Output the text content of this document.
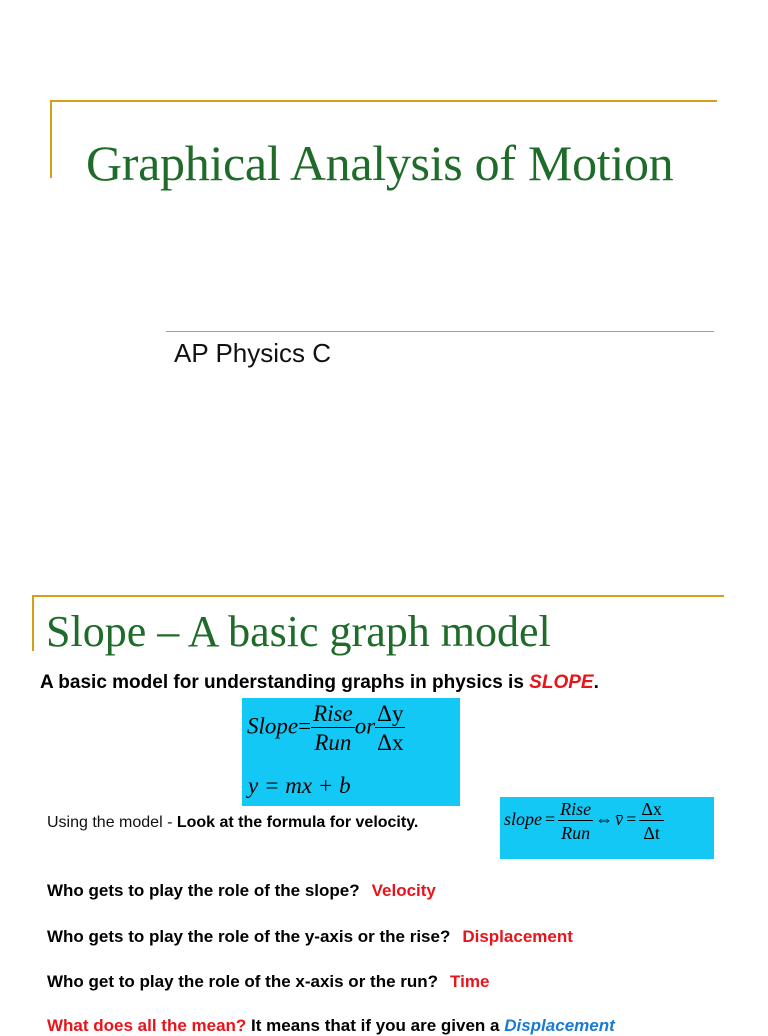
Graphical Analysis of Motion
AP Physics C
Slope – A basic graph model
A basic model for understanding graphs in physics is SLOPE.
Slope= $\frac{\text{Rise}}{\text{Run}}$ or $\frac{\Delta y}{\Delta x}$
y = mx + b
Using the model - Look at the formula for velocity.	slope = $\frac{\text{Rise}}{\text{Run}}$ ⇔ v̄ = $\frac{\Delta x}{\Delta t}$
Who gets to play the role of the slope? Velocity
Who gets to play the role of the y-axis or the rise? Displacement
Who get to play the role of the x-axis or the run? Time
What does all the mean? It means that if you are given a Displacement
